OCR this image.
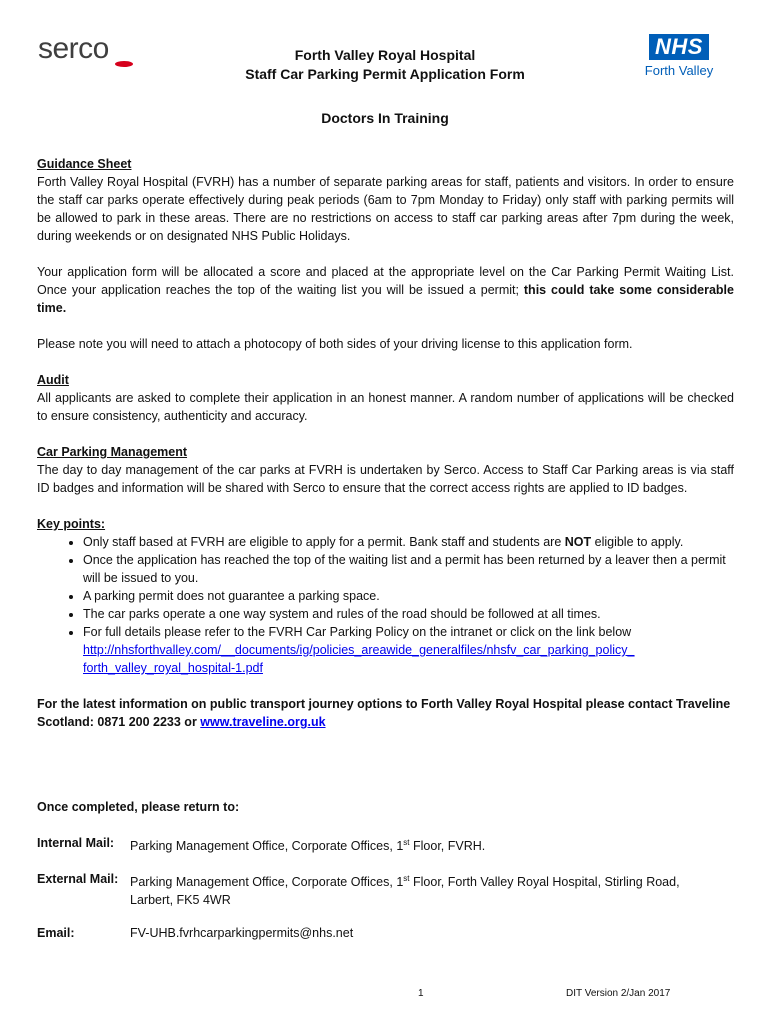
serco	NHS
Forth Valley
Forth Valley Royal Hospital
Staff Car Parking Permit Application Form
Doctors In Training

Guidance Sheet

Forth Valley Royal Hospital (FVRH) has a number of separate parking areas for staff, patients and visitors. In order to ensure the staff car parks operate effectively during peak periods (6am to 7pm Monday to Friday) only staff with parking permits will be allowed to park in these areas. There are no restrictions on access to staff car parking areas after 7pm during the week, during weekends or on designated NHS Public Holidays.

Your application form will be allocated a score and placed at the appropriate level on the Car Parking Permit Waiting List. Once your application reaches the top of the waiting list you will be issued a permit; this could take some considerable time.

Please note you will need to attach a photocopy of both sides of your driving license to this application form.

Audit

All applicants are asked to complete their application in an honest manner. A random number of applications will be checked to ensure consistency, authenticity and accuracy.

Car Parking Management

The day to day management of the car parks at FVRH is undertaken by Serco. Access to Staff Car Parking areas is via staff ID badges and information will be shared with Serco to ensure that the correct access rights are applied to ID badges.

Key points:

• Only staff based at FVRH are eligible to apply for a permit. Bank staff and students are NOT eligible to apply.
• Once the application has reached the top of the waiting list and a permit has been returned by a leaver then a permit will be issued to you.
• A parking permit does not guarantee a parking space.
• The car parks operate a one way system and rules of the road should be followed at all times.
• For full details please refer to the FVRH Car Parking Policy on the intranet or click on the link below
http://nhsforthvalley.com/__documents/ig/policies_areawide_generalfiles/nhsfv_car_parking_policy_
forth_valley_royal_hospital-1.pdf

For the latest information on public transport journey options to Forth Valley Royal Hospital please contact Traveline Scotland: 0871 200 2233 or www.traveline.org.uk

Once completed, please return to:
Internal Mail: Parking Management Office, Corporate Offices, 1st Floor, FVRH.
External Mail: Parking Management Office, Corporate Offices, 1st Floor, Forth Valley Royal Hospital, Stirling Road, Larbert, FK5 4WR
Email:	FV-UHB.fvrhcarparkingpermits@nhs.net
1	DIT Version 2/Jan 2017
